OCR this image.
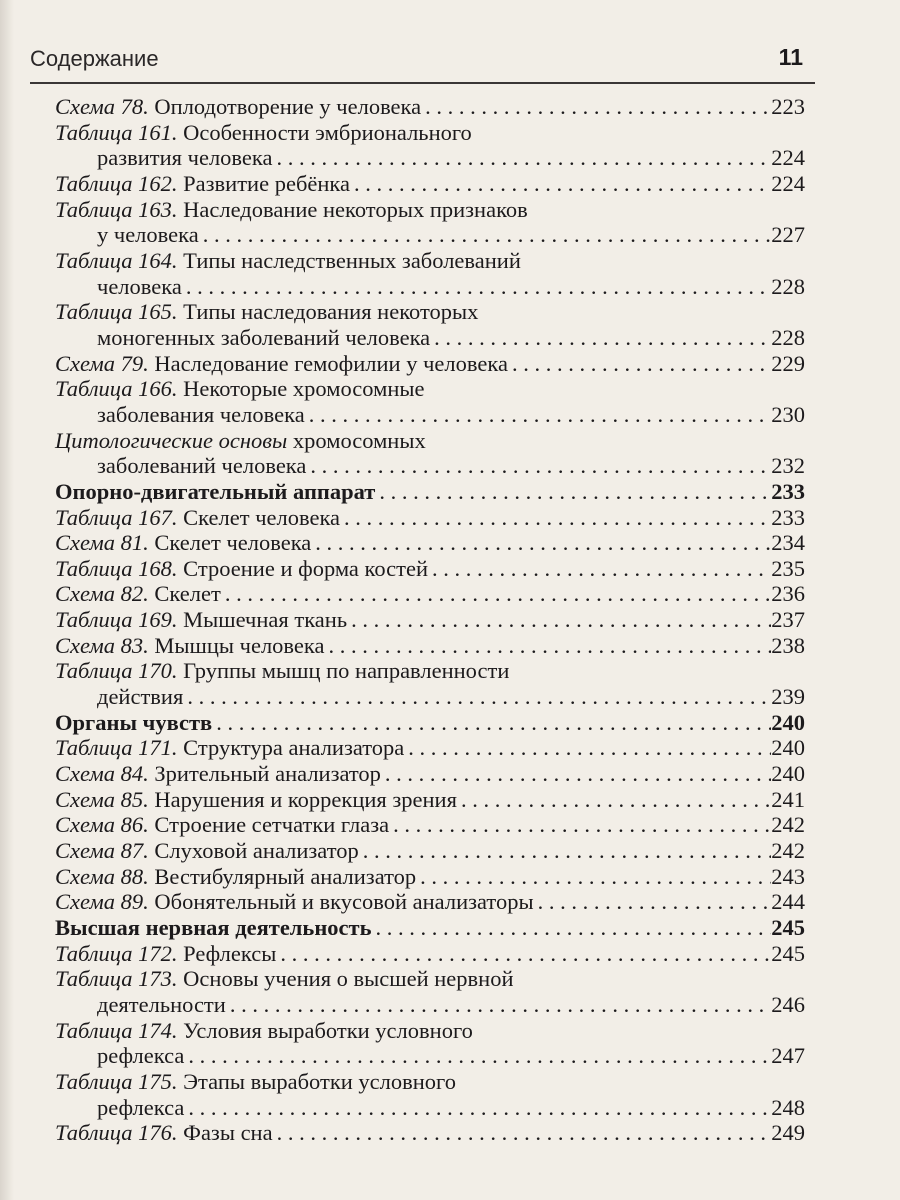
Содержание	11
Схема 78. Оплодотворение у человека . . .	223
Таблица 161. Особенности эмбрионального
развития человека . . .	224
Таблица 162. Развитие ребёнка . . .	224
Таблица 163. Наследование некоторых признаков
у человека . . .	227
Таблица 164. Типы наследственных заболеваний
человека . . .	228
Таблица 165. Типы наследования некоторых
моногенных заболеваний человека . . .	228
Схема 79. Наследование гемофилии у человека . . .	229
Таблица 166. Некоторые хромосомные
заболевания человека . . .	230
Цитологические основы хромосомных
заболеваний человека . . .	232
Опорно-двигательный аппарат . . .	233
Таблица 167. Скелет человека . . .	233
Схема 81. Скелет человека . . .	234
Таблица 168. Строение и форма костей . . .	235
Схема 82. Скелет . . .	236
Таблица 169. Мышечная ткань . . .	237
Схема 83. Мышцы человека . . .	238
Таблица 170. Группы мышц по направленности
действия . . .	239
Органы чувств . . .	240
Таблица 171. Структура анализатора . . .	240
Схема 84. Зрительный анализатор . . .	240
Схема 85. Нарушения и коррекция зрения . . .	241
Схема 86. Строение сетчатки глаза . . .	242
Схема 87. Слуховой анализатор . . .	242
Схема 88. Вестибулярный анализатор . . .	243
Схема 89. Обонятельный и вкусовой анализаторы . . .	244
Высшая нервная деятельность . . .	245
Таблица 172. Рефлексы . . .	245
Таблица 173. Основы учения о высшей нервной
деятельности . . .	246
Таблица 174. Условия выработки условного
рефлекса . . .	247
Таблица 175. Этапы выработки условного
рефлекса . . .	248
Таблица 176. Фазы сна . . .	249
